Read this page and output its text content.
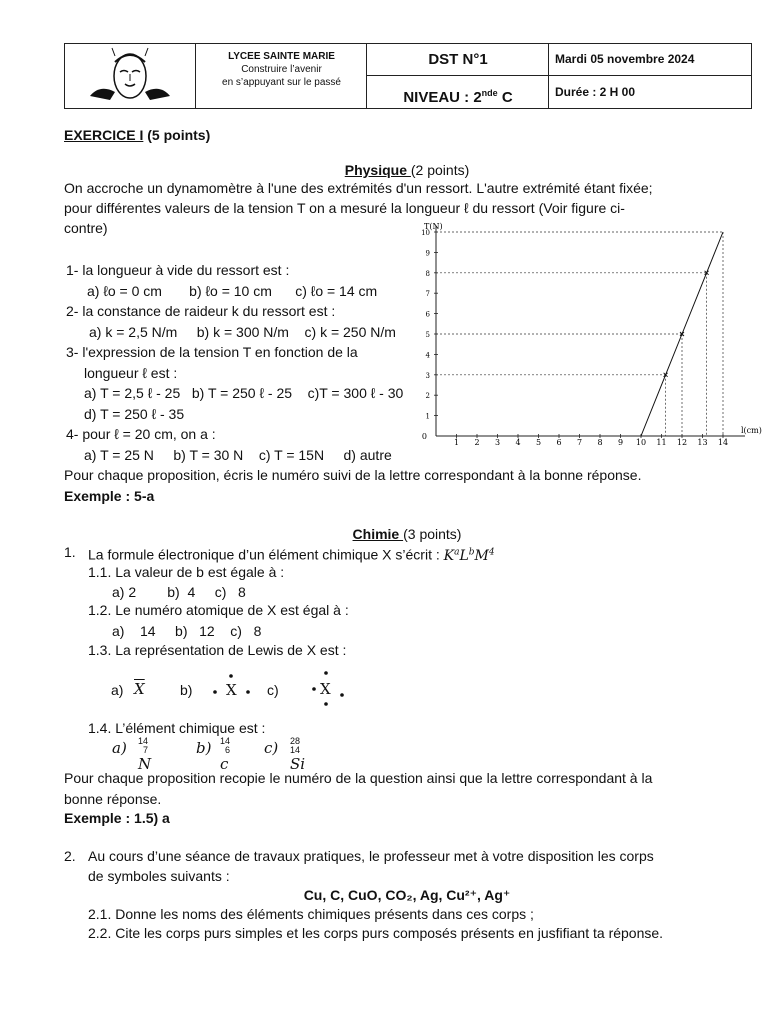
LYCEE SAINTE MARIE
Construire l’avenir
en s’appuyant sur le passé
DST N°1
NIVEAU : 2nde C
Mardi 05 novembre 2024
Durée : 2 H 00
EXERCICE I (5 points)
Physique (2 points)
On accroche un dynamomètre à l'une des extrémités d'un ressort. L'autre extrémité étant fixée;
pour différentes valeurs de la tension T on a mesuré la longueur ℓ du ressort (Voir figure ci-
contre)
1- la longueur à vide du ressort est :
a) ℓo = 0 cm       b) ℓo = 10 cm      c) ℓo = 14 cm
2- la constance de raideur k du ressort est :
a) k = 2,5 N/m     b) k = 300 N/m    c) k = 250 N/m
3- l'expression de la tension T en fonction de la
longueur ℓ est :
a) T = 2,5 ℓ - 25   b) T = 250 ℓ - 25    c)T = 300 ℓ - 30
d) T = 250 ℓ - 35
4- pour ℓ = 20 cm, on a :
a) T = 25 N     b) T = 30 N    c) T = 15N     d) autre
Pour chaque proposition, écris le numéro suivi de la lettre correspondant à la bonne réponse.
Exemple : 5-a
1 2 3 4 5 6 7 8 9 10 11 12 13 14
1
2
3
4
5
6
7
8
9
10
0
T(N)
l(cm)
Chimie (3 points)
1. La formule électronique d’un élément chimique X s’écrit : $K^aL^bM^4$
1.1. La valeur de b est égale à :
a) 2        b)  4     c)   8
1.2. Le numéro atomique de X est égal à :
a)    14     b)   12    c)   8
1.3. La représentation de Lewis de X est :
a) $\overline{X}$	b) X c)	X
1.4. L’élément chimique est :
a) 14
7N
b) 14
6c
c) 28
14Si
Pour chaque proposition recopie le numéro de la question ainsi que la lettre correspondant à la
bonne réponse.
Exemple : 1.5) a
2. Au cours d’une séance de travaux pratiques, le professeur met à votre disposition les corps
de symboles suivants :
Cu, C, CuO, CO₂, Ag, Cu²⁺, Ag⁺
2.1. Donne les noms des éléments chimiques présents dans ces corps ;
2.2. Cite les corps purs simples et les corps purs composés présents en jusfifiant ta réponse.
